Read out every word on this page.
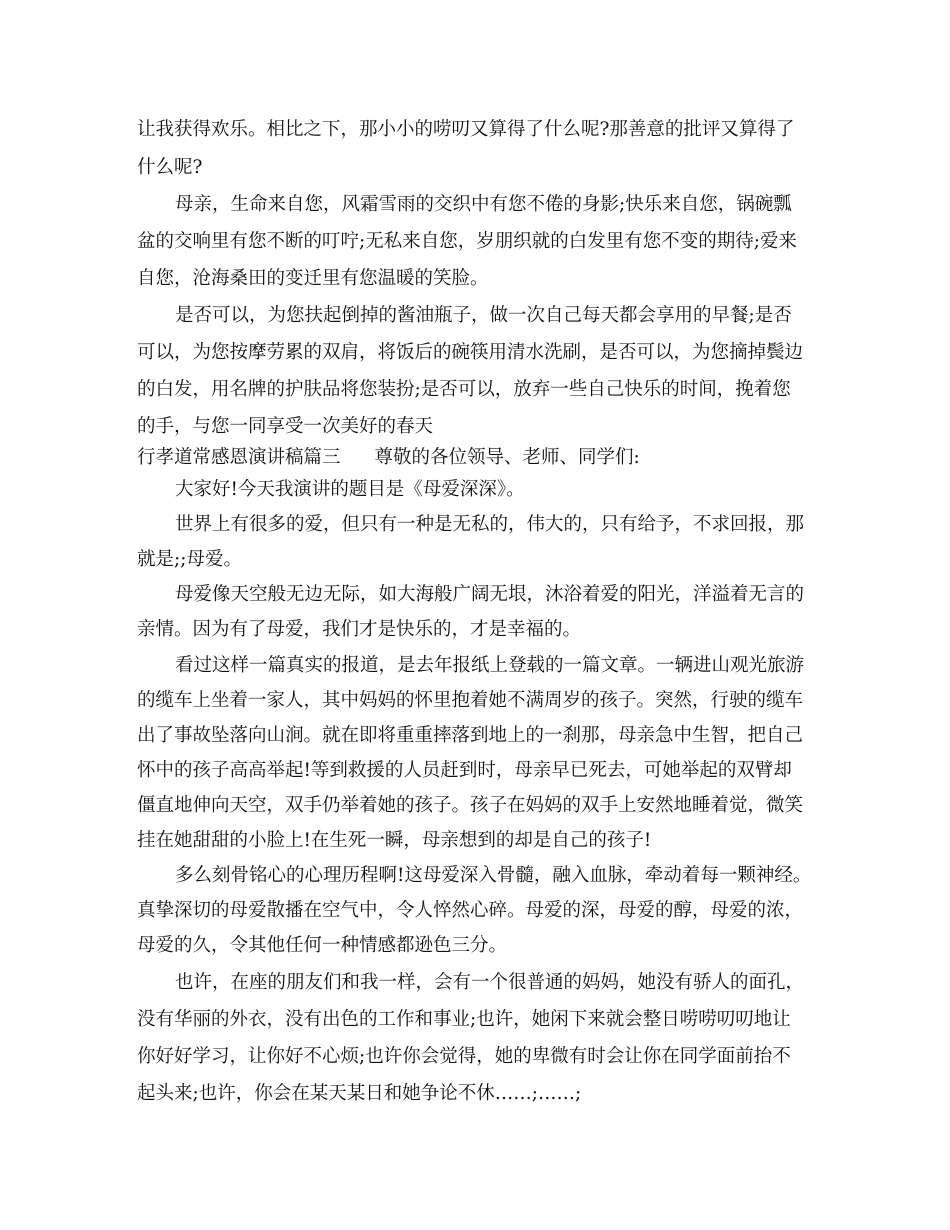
让我获得欢乐。相比之下，那小小的唠叨又算得了什么呢?那善意的批评又算得了
什么呢?
母亲，生命来自您，风霜雪雨的交织中有您不倦的身影;快乐来自您，锅碗瓢
盆的交响里有您不断的叮咛;无私来自您，岁朋织就的白发里有您不变的期待;爱来
自您，沧海桑田的变迁里有您温暖的笑脸。
是否可以，为您扶起倒掉的酱油瓶子，做一次自己每天都会享用的早餐;是否
可以，为您按摩劳累的双肩，将饭后的碗筷用清水洗刷，是否可以，为您摘掉鬓边
的白发，用名牌的护肤品将您装扮;是否可以，放弃一些自己快乐的时间，挽着您
的手，与您一同享受一次美好的春天
行孝道常感恩演讲稿篇三 尊敬的各位领导、老师、同学们:
大家好!今天我演讲的题目是《母爱深深》。
世界上有很多的爱，但只有一种是无私的，伟大的，只有给予，不求回报，那
就是;;母爱。
母爱像天空般无边无际，如大海般广阔无垠，沐浴着爱的阳光，洋溢着无言的
亲情。因为有了母爱，我们才是快乐的，才是幸福的。
看过这样一篇真实的报道，是去年报纸上登载的一篇文章。一辆进山观光旅游
的缆车上坐着一家人，其中妈妈的怀里抱着她不满周岁的孩子。突然，行驶的缆车
出了事故坠落向山涧。就在即将重重摔落到地上的一刹那，母亲急中生智，把自己
怀中的孩子高高举起!等到救援的人员赶到时，母亲早已死去，可她举起的双臂却
僵直地伸向天空，双手仍举着她的孩子。孩子在妈妈的双手上安然地睡着觉，微笑
挂在她甜甜的小脸上!在生死一瞬，母亲想到的却是自己的孩子!
多么刻骨铭心的心理历程啊!这母爱深入骨髓，融入血脉，牵动着每一颗神经。
真挚深切的母爱散播在空气中，令人悴然心碎。母爱的深，母爱的醇，母爱的浓，
母爱的久，令其他任何一种情感都逊色三分。
也许，在座的朋友们和我一样，会有一个很普通的妈妈，她没有骄人的面孔，
没有华丽的外衣，没有出色的工作和事业;也许，她闲下来就会整日唠唠叨叨地让
你好好学习，让你好不心烦;也许你会觉得，她的卑微有时会让你在同学面前抬不
起头来;也许，你会在某天某日和她争论不休……;……;
